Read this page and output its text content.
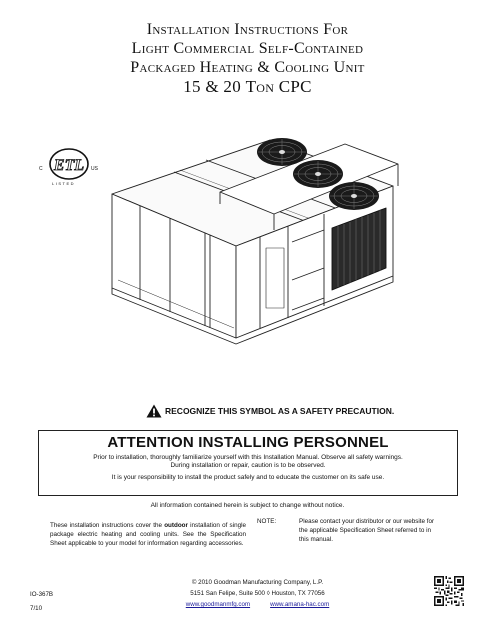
Installation Instructions For
Light Commercial Self-Contained
Packaged Heating & Cooling Unit
15 & 20 Ton CPC
C ETL US
LISTED
RECOGNIZE THIS SYMBOL AS A SAFETY PRECAUTION.
ATTENTION INSTALLING PERSONNEL
Prior to installation, thoroughly familiarize yourself with this Installation Manual. Observe all safety warnings.
During installation or repair, caution is to be observed.
It is your responsibility to install the product safely and to educate the customer on its safe use.
All information contained herein is subject to change without notice.
These installation instructions cover the outdoor installation of single package electric heating and cooling units. See the Specification Sheet applicable to your model for information regarding accessories.
NOTE:	Please contact your distributor or our website for the applicable Specification Sheet referred to in this manual.
IO-367B
7/10
© 2010 Goodman Manufacturing Company, L.P.
5151 San Felipe, Suite 500 ◊ Houston, TX 77056
www.goodmanmfg.com	www.amana-hac.com
